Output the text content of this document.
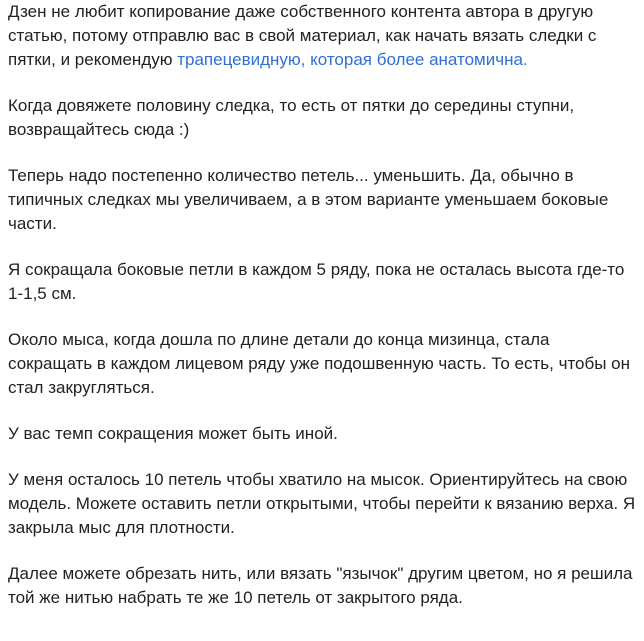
Дзен не любит копирование даже собственного контента автора в другую статью, потому отправлю вас в свой материал, как начать вязать следки с пятки, и рекомендую трапецевидную, которая более анатомична.

Когда довяжете половину следка, то есть от пятки до середины ступни, возвращайтесь сюда :)

Теперь надо постепенно количество петель... уменьшить. Да, обычно в типичных следках мы увеличиваем, а в этом варианте уменьшаем боковые части.

Я сокращала боковые петли в каждом 5 ряду, пока не осталась высота где-то 1-1,5 см.

Около мыса, когда дошла по длине детали до конца мизинца, стала сокращать в каждом лицевом ряду уже подошвенную часть. То есть, чтобы он стал закругляться.

У вас темп сокращения может быть иной.

У меня осталось 10 петель чтобы хватило на мысок. Ориентируйтесь на свою модель. Можете оставить петли открытыми, чтобы перейти к вязанию верха. Я закрыла мыс для плотности.

Далее можете обрезать нить, или вязать "язычок" другим цветом, но я решила той же нитью набрать те же 10 петель от закрытого ряда.
